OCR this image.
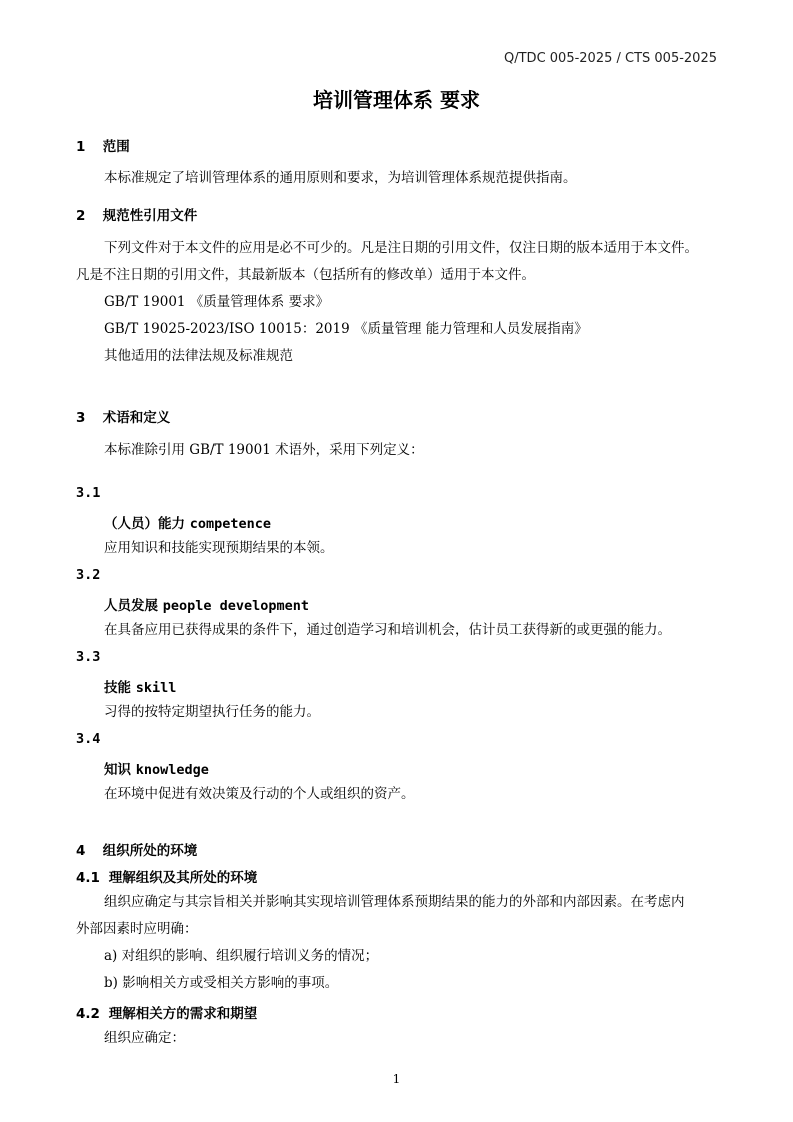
Q/TDC 005-2025 / CTS 005-2025
培训管理体系 要求
1 范围
本标准规定了培训管理体系的通用原则和要求，为培训管理体系规范提供指南。
2 规范性引用文件
下列文件对于本文件的应用是必不可少的。凡是注日期的引用文件，仅注日期的版本适用于本文件。
凡是不注日期的引用文件，其最新版本（包括所有的修改单）适用于本文件。
GB/T 19001 《质量管理体系 要求》
GB/T 19025-2023/ISO 10015：2019 《质量管理 能力管理和人员发展指南》
其他适用的法律法规及标准规范
3 术语和定义
本标准除引用 GB/T 19001 术语外，采用下列定义：
3.1
（人员）能力 competence
应用知识和技能实现预期结果的本领。
3.2
人员发展 people development
在具备应用已获得成果的条件下，通过创造学习和培训机会，估计员工获得新的或更强的能力。
3.3
技能 skill
习得的按特定期望执行任务的能力。
3.4
知识 knowledge
在环境中促进有效决策及行动的个人或组织的资产。
4 组织所处的环境
4.1 理解组织及其所处的环境
组织应确定与其宗旨相关并影响其实现培训管理体系预期结果的能力的外部和内部因素。在考虑内
外部因素时应明确：
a) 对组织的影响、组织履行培训义务的情况；
b) 影响相关方或受相关方影响的事项。
4.2 理解相关方的需求和期望
组织应确定：
1
